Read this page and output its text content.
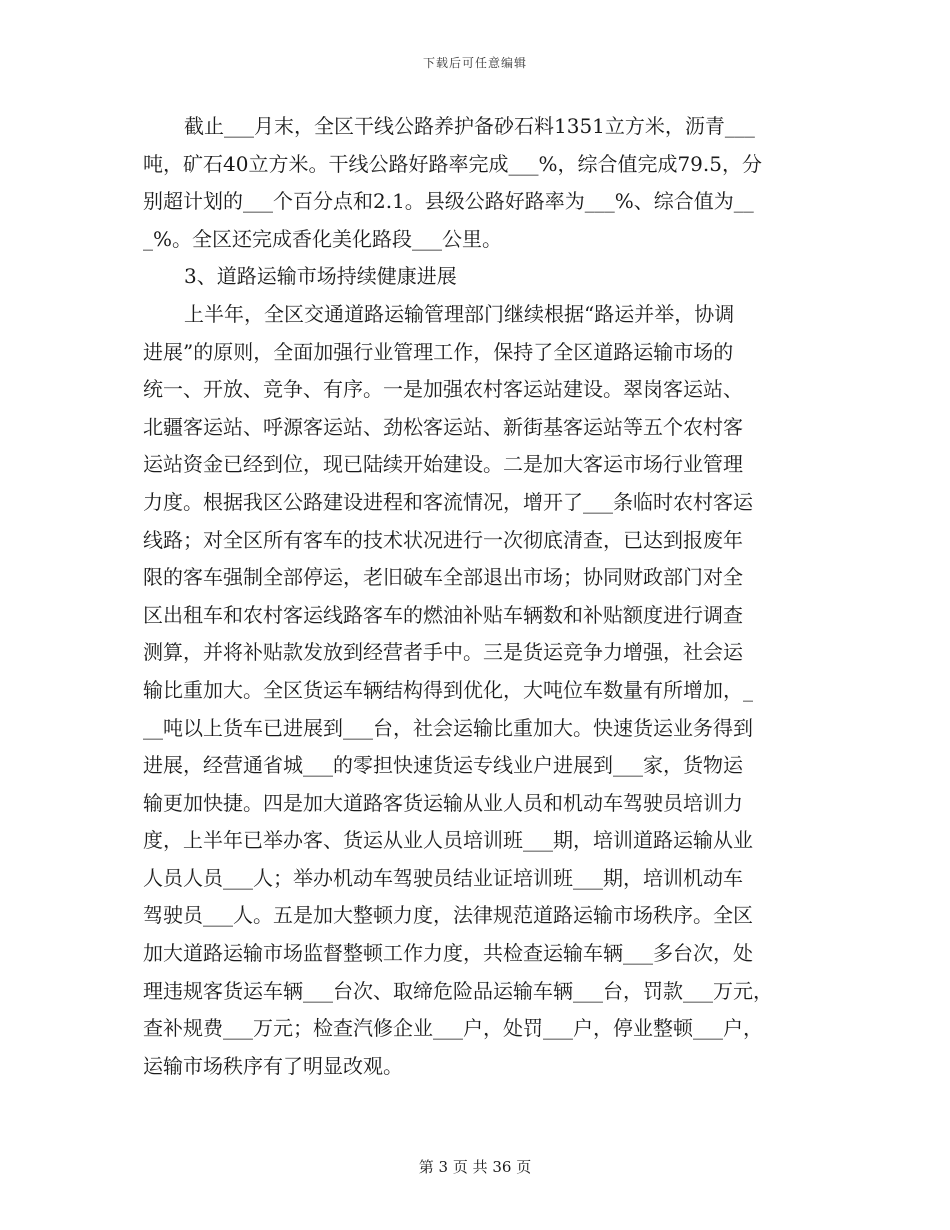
下载后可任意编辑
截止___月末，全区干线公路养护备砂石料1351立方米，沥青___
吨，矿石40立方米。干线公路好路率完成___%，综合值完成79.5，分
别超计划的___个百分点和2.1。县级公路好路率为___%、综合值为__
_%。全区还完成香化美化路段___公里。
3、道路运输市场持续健康进展
上半年，全区交通道路运输管理部门继续根据“路运并举，协调
进展”的原则，全面加强行业管理工作，保持了全区道路运输市场的
统一、开放、竞争、有序。一是加强农村客运站建设。翠岗客运站、
北疆客运站、呼源客运站、劲松客运站、新街基客运站等五个农村客
运站资金已经到位，现已陆续开始建设。二是加大客运市场行业管理
力度。根据我区公路建设进程和客流情况，增开了___条临时农村客运
线路；对全区所有客车的技术状况进行一次彻底清查，已达到报废年
限的客车强制全部停运，老旧破车全部退出市场；协同财政部门对全
区出租车和农村客运线路客车的燃油补贴车辆数和补贴额度进行调查
测算，并将补贴款发放到经营者手中。三是货运竞争力增强，社会运
输比重加大。全区货运车辆结构得到优化，大吨位车数量有所增加，_
__吨以上货车已进展到___台，社会运输比重加大。快速货运业务得到
进展，经营通省城___的零担快速货运专线业户进展到___家，货物运
输更加快捷。四是加大道路客货运输从业人员和机动车驾驶员培训力
度，上半年已举办客、货运从业人员培训班___期，培训道路运输从业
人员人员___人；举办机动车驾驶员结业证培训班___期，培训机动车
驾驶员___人。五是加大整顿力度，法律规范道路运输市场秩序。全区
加大道路运输市场监督整顿工作力度，共检查运输车辆___多台次，处
理违规客货运车辆___台次、取缔危险品运输车辆___台，罚款___万元，
查补规费___万元；检查汽修企业___户，处罚___户，停业整顿___户，
运输市场秩序有了明显改观。
第 3 页 共 36 页
